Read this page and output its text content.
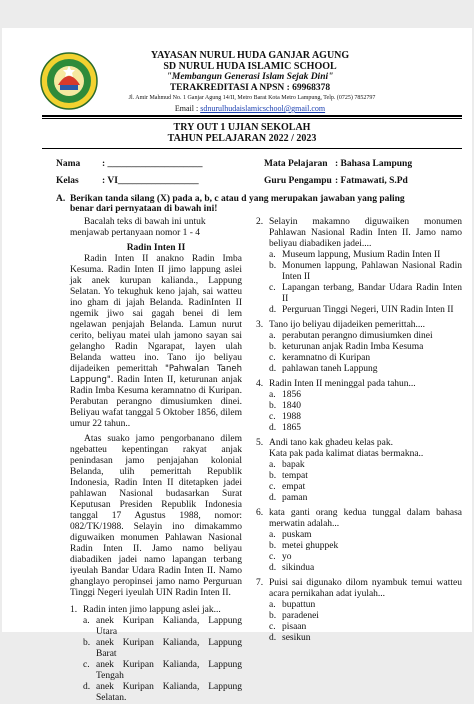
YAYASAN NURUL HUDA GANJAR AGUNG
SD NURUL HUDA ISLAMIC SCHOOL
"Membangun Generasi Islam Sejak Dini"
TERAKREDITASI A NPSN : 69968378
Jl. Amir Mahmud No. 1 Ganjar Agung 14/II, Metro Barat Kota Metro Lampung, Telp. (0725) 7852797
Email : sdnurulhudaislamicschool@gmail.com
TRY OUT 1 UJIAN SEKOLAH
TAHUN PELAJARAN 2022 / 2023
Nama : ____________________
Kelas : VI_________________
Mata Pelajaran : Bahasa Lampung
Guru Pengampu : Fatmawati, S.Pd
A. Berikan tanda silang (X) pada a, b, c atau d yang merupakan jawaban yang paling
benar dari pernyataan di bawah ini!

Bacalah teks di bawah ini untuk menjawab pertanyaan nomor 1 - 4

Radin Inten II

Radin Inten II anakno Radin Imba Kesuma. Radin Inten II jimo lappung aslei jak anek kurupan kalianda., Lappung Selatan. Yo tekughuk keno jajah, sai watteu ino gham di jajah Belanda. RadinInten II ngemik jiwo sai gagah benei di lem ngelawan penjajah Belanda. Lamun nurut cerito, beliyau matei ulah jamono sayan sai gelangho Radin Ngarapat, layen ulah Belanda watteu ino. Tano ijo beliyau dijadeiken pemerittah "Pahwalan Taneh Lappung". Radin Inten II, keturunan anjak Radin Imba Kesuma keramnatno di Kuripan. Perabutan perangno dimusiumken dinei. Beliyau wafat tanggal 5 Oktober 1856, dilem umur 22 tahun..

Atas suako jamo pengorbanano dilem ngebatteu kepentingan rakyat anjak penindasan jamo penjajahan kolonial Belanda, ulih pemerittah Republik Indonesia, Radin Inten II ditetapken jadei pahlawan Nasional budasarkan Surat Keputusan Presiden Republik Indonesia tanggal 17 Agustus 1988, nomor: 082/TK/1988. Selayin ino dimakammo diguwaiken monumen Pahlawan Nasional Radin Inten II. Jamo namo beliyau diabadiken jadei namo lapangan terbang iyeulah Bandar Udara Radin Inten II. Namo ghanglayo peropinsei jamo namo Perguruan Tinggi Negeri iyeulah UIN Radin Inten II.

1. Radin inten jimo lappung aslei jak...
a. anek Kuripan Kalianda, Lappung Utara
b. anek Kuripan Kalianda, Lappung Barat
c. anek Kuripan Kalianda, Lappung Tengah
d. anek Kuripan Kalianda, Lappung Selatan.
2. Selayin makamno diguwaiken monumen Pahlawan Nasional Radin Inten II. Jamo namo beliyau diabadiken jadei....
a. Museum lappung, Musium Radin Inten II
b. Monumen lappung, Pahlawan Nasional Radin Inten II
c. Lapangan terbang, Bandar Udara Radin Inten II
d. Perguruan Tinggi Negeri, UIN Radin Inten II
3. Tano ijo beliyau dijadeiken pemerittah....
a. perabutan perangno dimusiumken dinei
b. keturunan anjak Radin Imba Kesuma
c. keramnatno di Kuripan
d. pahlawan taneh Lappung
4. Radin Inten II meninggal pada tahun...
a. 1856
b. 1840
c. 1988
d. 1865
5. Andi tano kak ghadeu kelas pak.
Kata pak pada kalimat diatas bermakna..
a. bapak
b. tempat
c. empat
d. paman
6. kata ganti orang kedua tunggal dalam bahasa merwatin adalah...
a. puskam
b. metei ghuppek
c. yo
d. sikindua
7. Puisi sai digunako dilom nyambuk temui watteu acara pernikahan adat iyulah...
a. bupattun
b. paradenei
c. pisaan
d. sesikun
